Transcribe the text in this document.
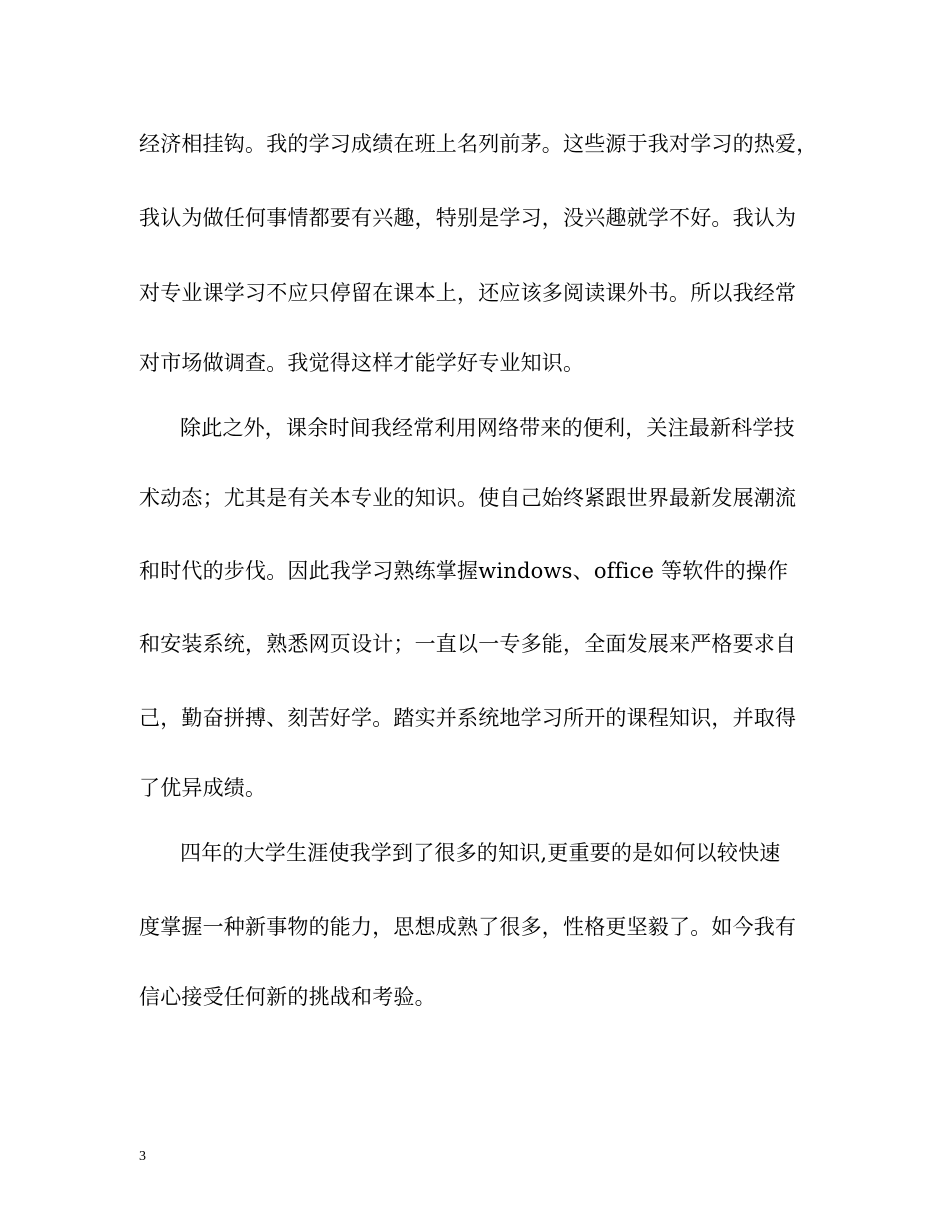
经济相挂钩。我的学习成绩在班上名列前茅。这些源于我对学习的热爱，

我认为做任何事情都要有兴趣，特别是学习，没兴趣就学不好。我认为

对专业课学习不应只停留在课本上，还应该多阅读课外书。所以我经常

对市场做调查。我觉得这样才能学好专业知识。

除此之外，课余时间我经常利用网络带来的便利，关注最新科学技

术动态；尤其是有关本专业的知识。使自己始终紧跟世界最新发展潮流

和时代的步伐。因此我学习熟练掌握windows、office 等软件的操作

和安装系统，熟悉网页设计；一直以一专多能，全面发展来严格要求自

己，勤奋拼搏、刻苦好学。踏实并系统地学习所开的课程知识，并取得

了优异成绩。

四年的大学生涯使我学到了很多的知识,更重要的是如何以较快速

度掌握一种新事物的能力，思想成熟了很多，性格更坚毅了。如今我有

信心接受任何新的挑战和考验。

3
